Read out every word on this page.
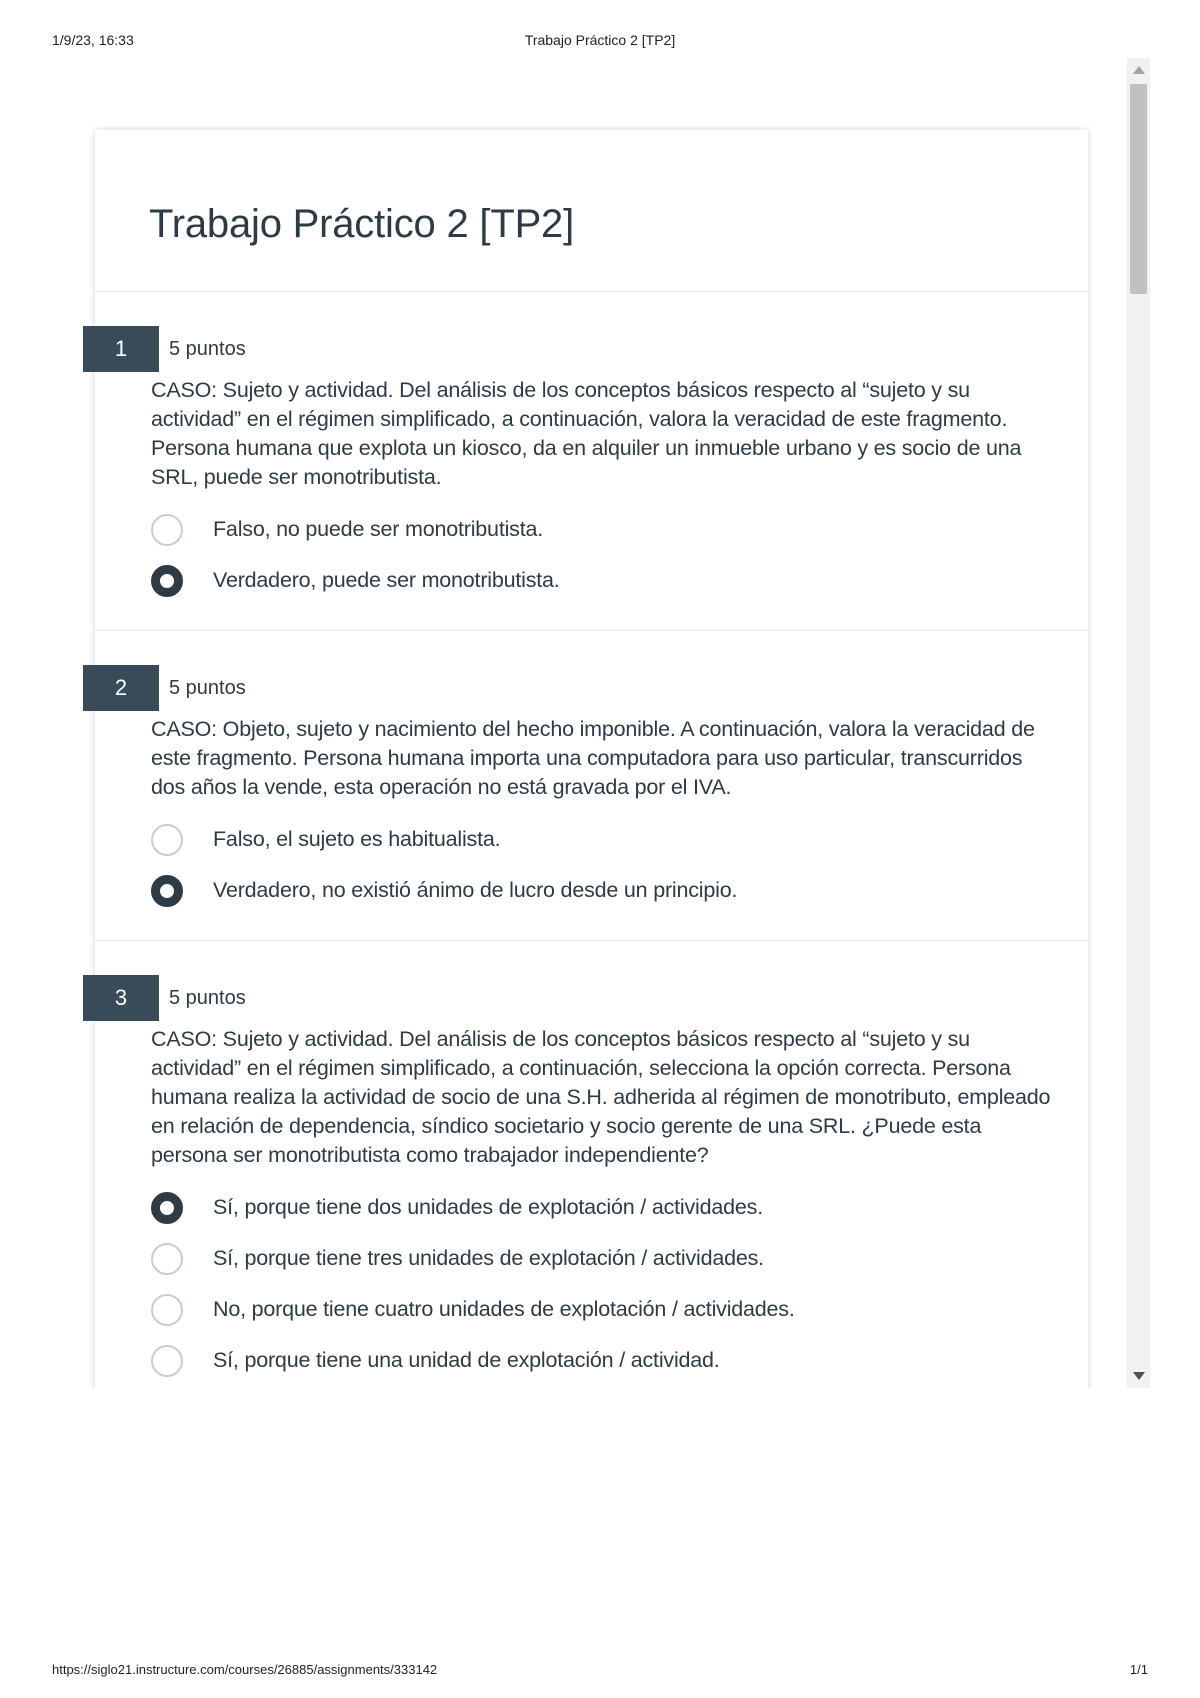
1/9/23, 16:33	Trabajo Práctico 2 [TP2]
Trabajo Práctico 2 [TP2]
1	5 puntos
CASO: Sujeto y actividad. Del análisis de los conceptos básicos respecto al “sujeto y su actividad” en el régimen simplificado, a continuación, valora la veracidad de este fragmento. Persona humana que explota un kiosco, da en alquiler un inmueble urbano y es socio de una SRL, puede ser monotributista.
Falso, no puede ser monotributista.
Verdadero, puede ser monotributista.
2	5 puntos
CASO: Objeto, sujeto y nacimiento del hecho imponible. A continuación, valora la veracidad de este fragmento. Persona humana importa una computadora para uso particular, transcurridos dos años la vende, esta operación no está gravada por el IVA.
Falso, el sujeto es habitualista.
Verdadero, no existió ánimo de lucro desde un principio.
3	5 puntos
CASO: Sujeto y actividad. Del análisis de los conceptos básicos respecto al “sujeto y su actividad” en el régimen simplificado, a continuación, selecciona la opción correcta. Persona humana realiza la actividad de socio de una S.H. adherida al régimen de monotributo, empleado en relación de dependencia, síndico societario y socio gerente de una SRL. ¿Puede esta persona ser monotributista como trabajador independiente?
Sí, porque tiene dos unidades de explotación / actividades.
Sí, porque tiene tres unidades de explotación / actividades.
No, porque tiene cuatro unidades de explotación / actividades.
Sí, porque tiene una unidad de explotación / actividad.
https://siglo21.instructure.com/courses/26885/assignments/333142	1/1
